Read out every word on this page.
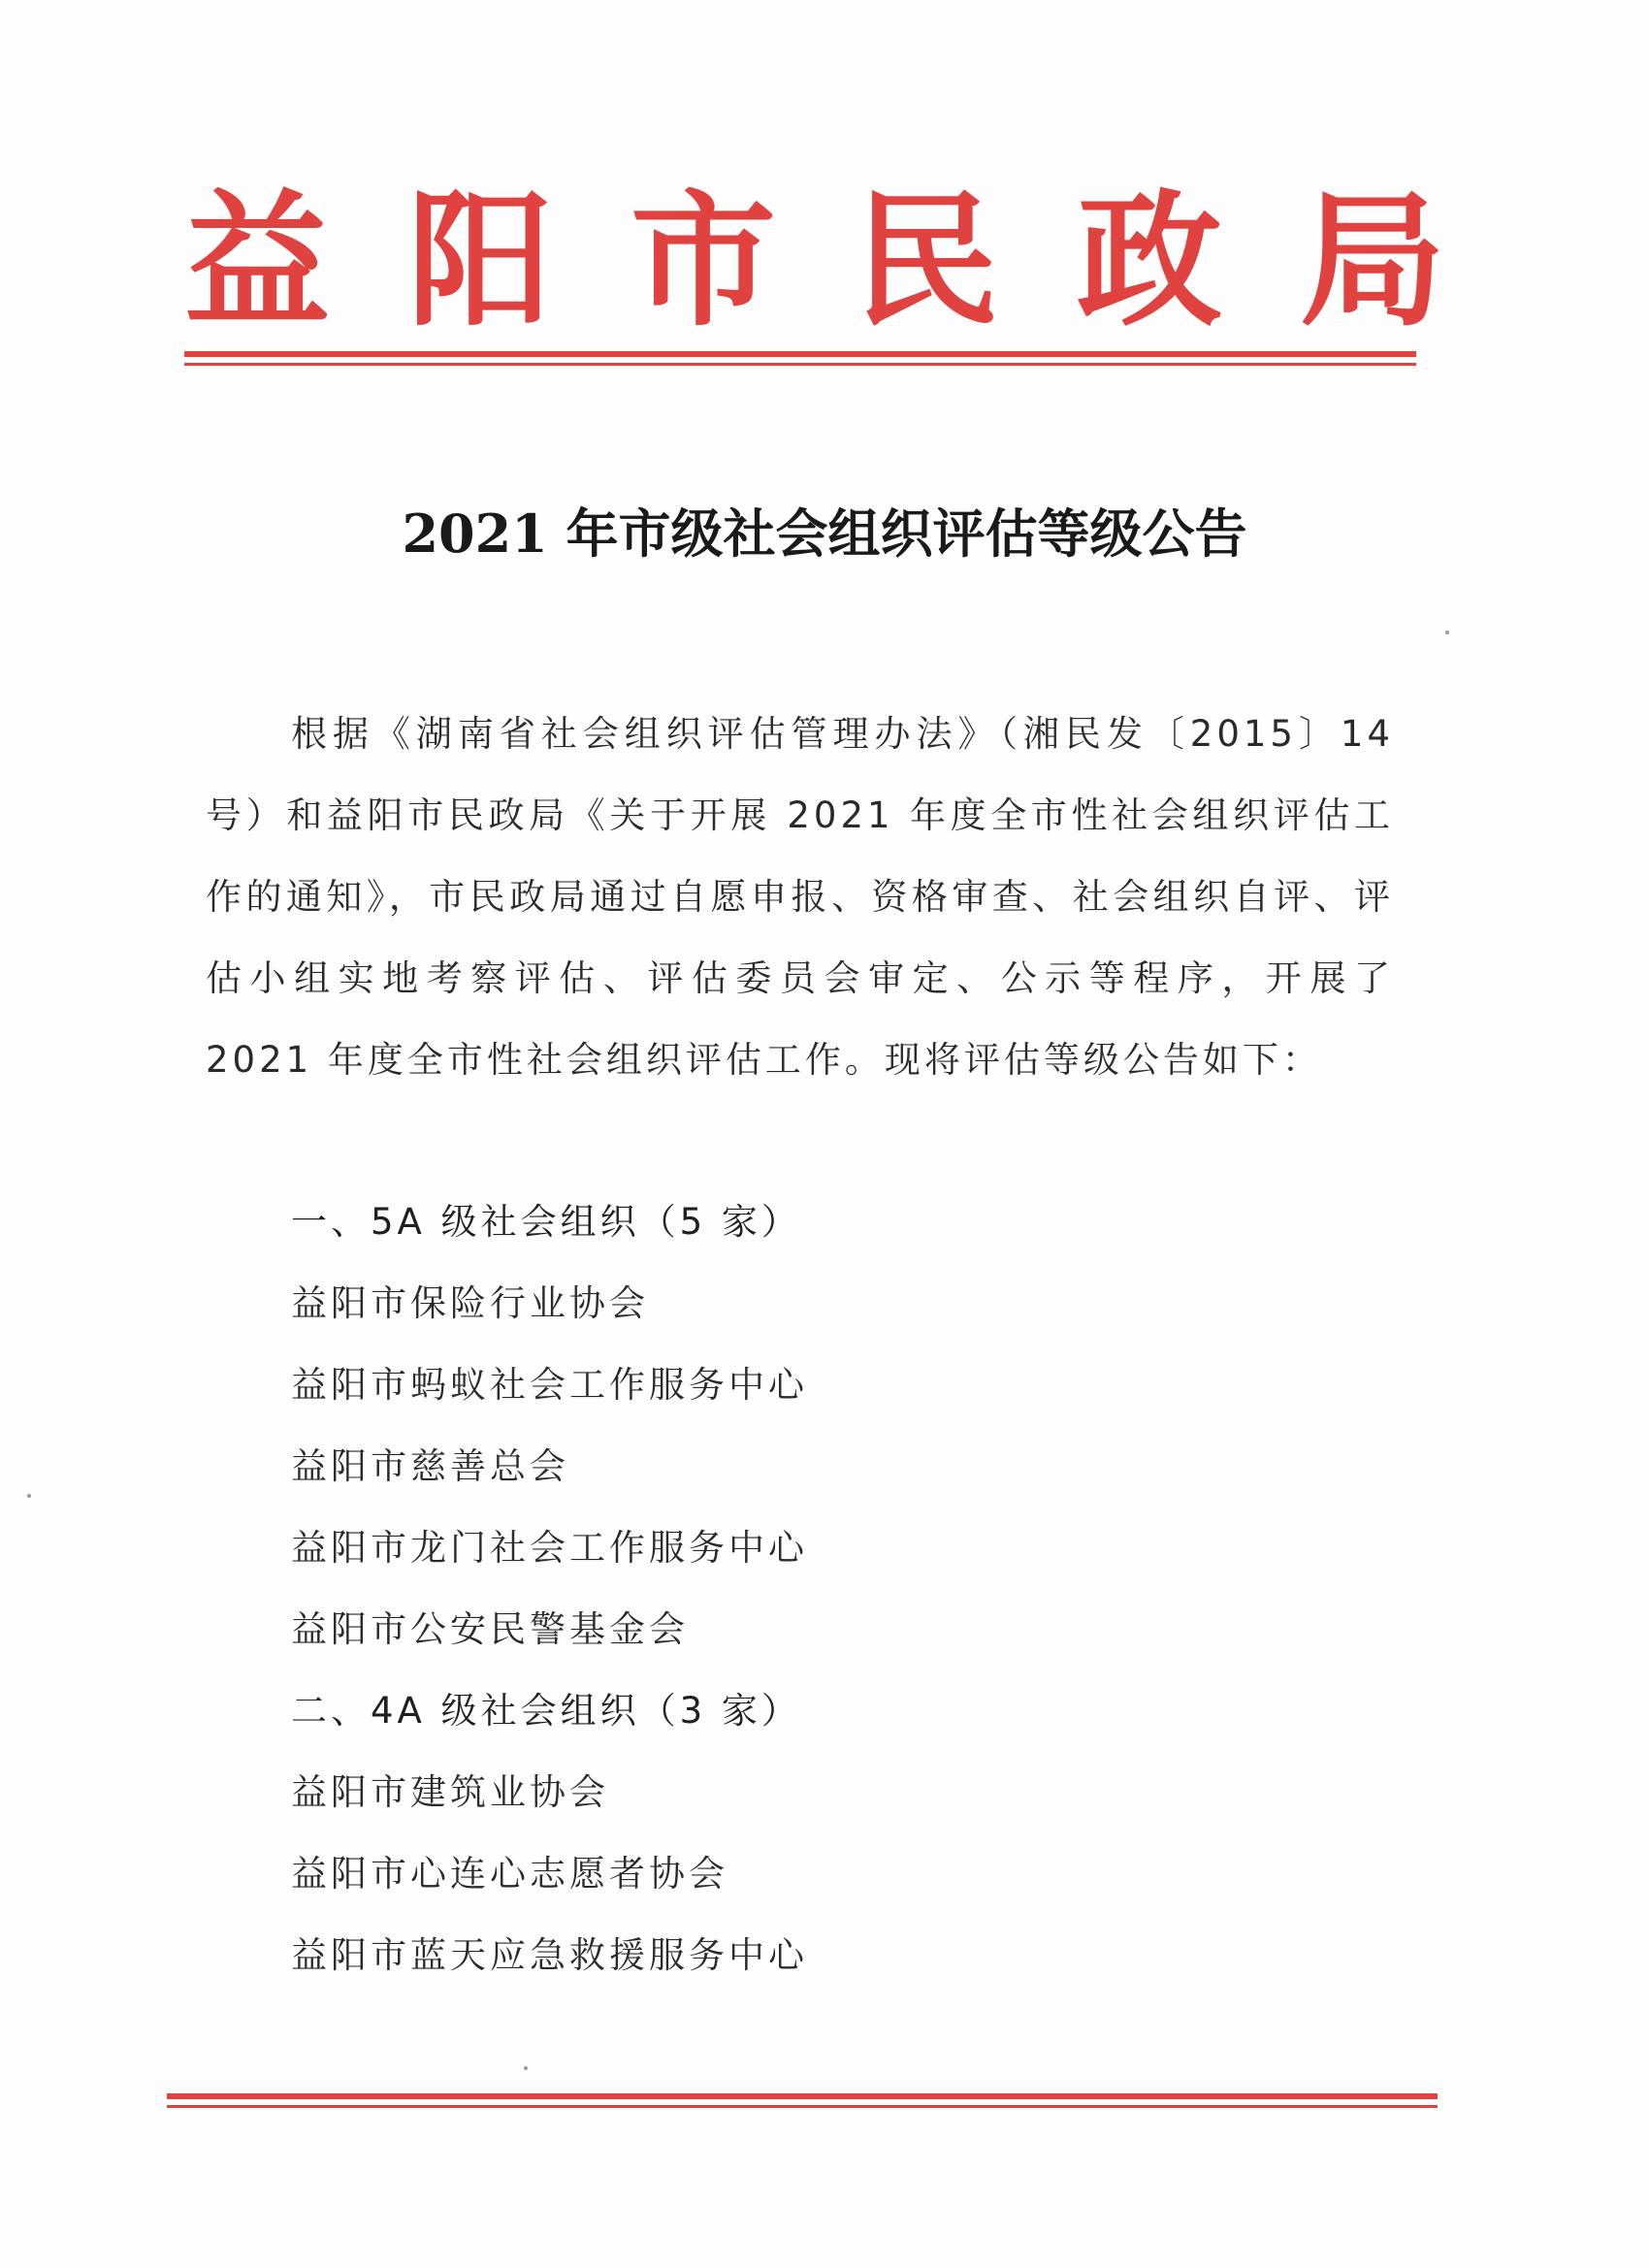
益 阳 市 民 政 局
2021 年市级社会组织评估等级公告

根据《湖南省社会组织评估管理办法》（湘民发〔2015〕14 号）和益阳市民政局《关于开展 2021 年度全市性社会组织评估工作的通知》，市民政局通过自愿申报、资格审查、社会组织自评、评估小组实地考察评估、评估委员会审定、公示等程序，开展了 2021 年度全市性社会组织评估工作。现将评估等级公告如下：

一、5A 级社会组织（5 家）
益阳市保险行业协会
益阳市蚂蚁社会工作服务中心
益阳市慈善总会
益阳市龙门社会工作服务中心
益阳市公安民警基金会
二、4A 级社会组织（3 家）
益阳市建筑业协会
益阳市心连心志愿者协会
益阳市蓝天应急救援服务中心
